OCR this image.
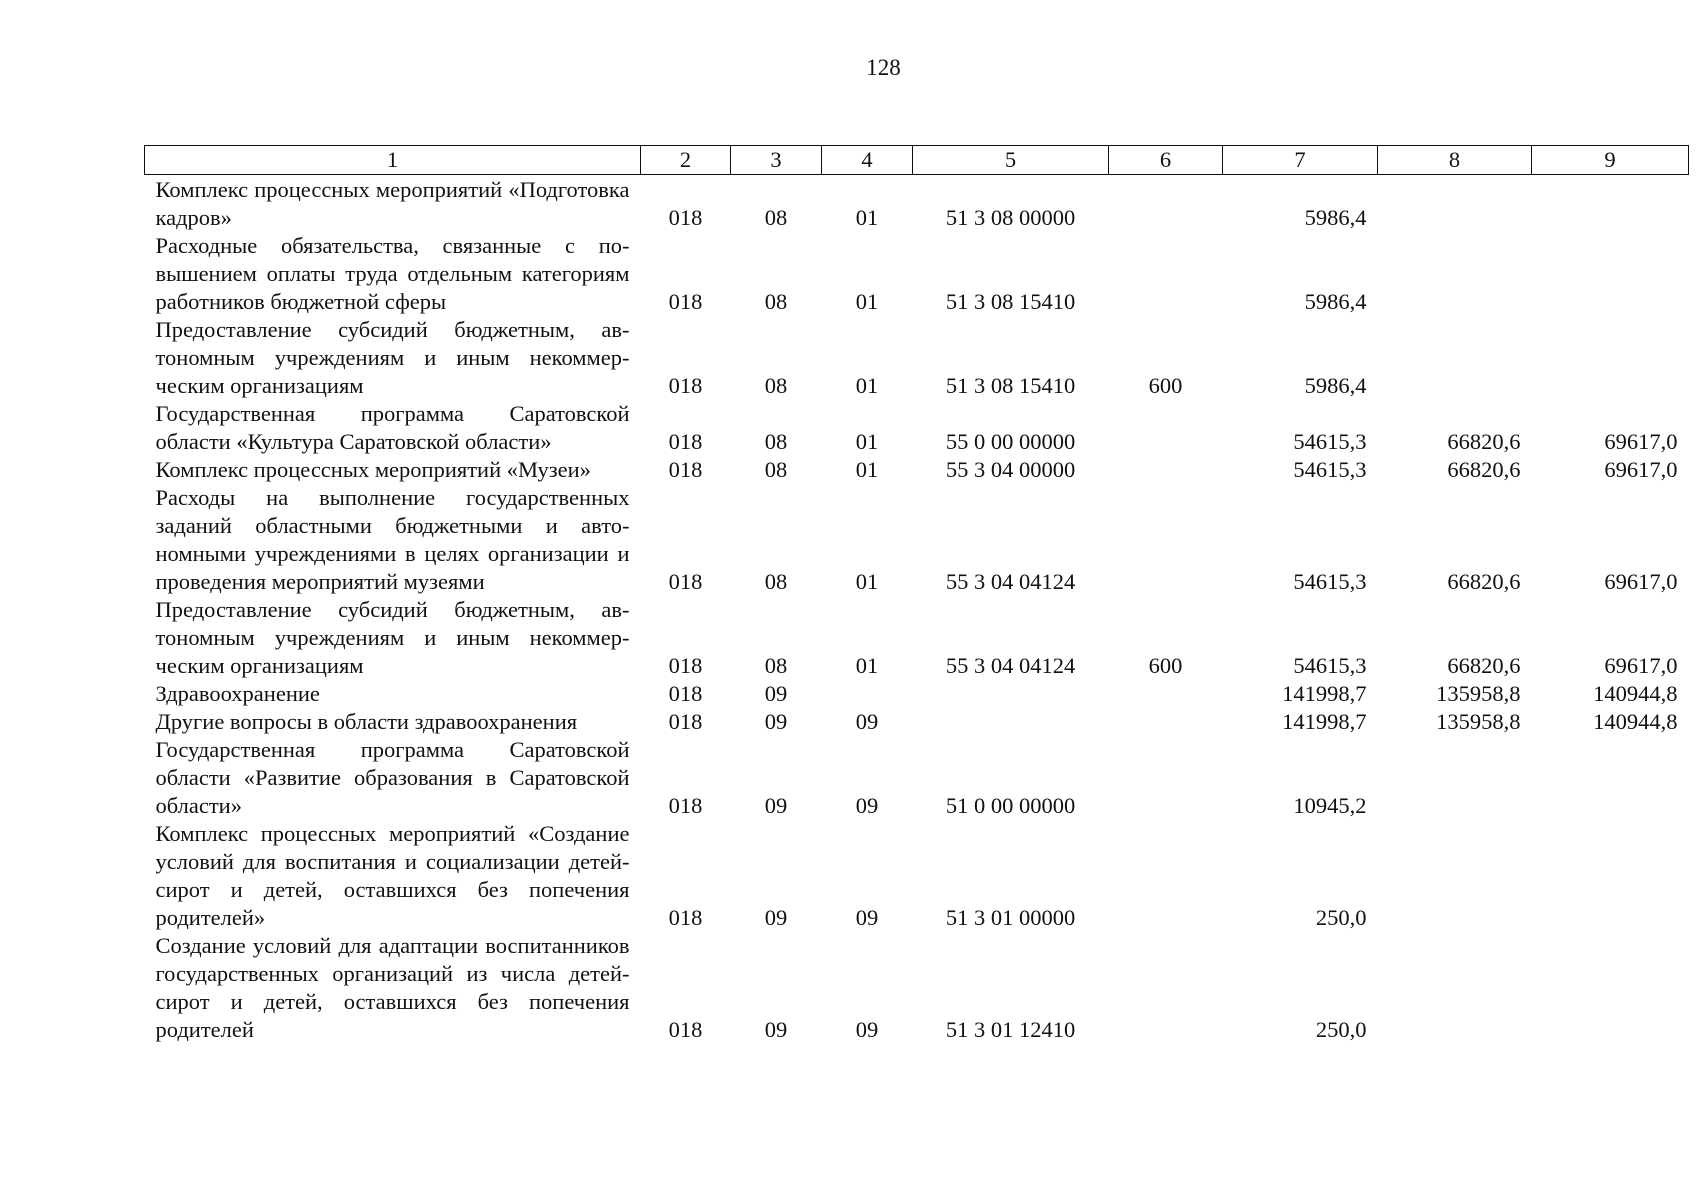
128
1	2	3	4	5	6	7	8	9
Комплекс процессных мероприятий «Подготовка кадров»	018	08	01	51 3 08 00000		5986,4		
Расходные обязательства, связанные с повышением оплаты труда отдельным категориям работников бюджетной сферы	018	08	01	51 3 08 15410		5986,4		
Предоставление субсидий бюджетным, автономным учреждениям и иным некоммерческим организациям	018	08	01	51 3 08 15410	600	5986,4		
Государственная программа Саратовской области «Культура Саратовской области»	018	08	01	55 0 00 00000		54615,3	66820,6	69617,0
Комплекс процессных мероприятий «Музеи»	018	08	01	55 3 04 00000		54615,3	66820,6	69617,0
Расходы на выполнение государственных заданий областными бюджетными и автономными учреждениями в целях организации и проведения мероприятий музеями	018	08	01	55 3 04 04124		54615,3	66820,6	69617,0
Предоставление субсидий бюджетным, автономным учреждениям и иным некоммерческим организациям	018	08	01	55 3 04 04124	600	54615,3	66820,6	69617,0
Здравоохранение	018	09				141998,7	135958,8	140944,8
Другие вопросы в области здравоохранения	018	09	09			141998,7	135958,8	140944,8
Государственная программа Саратовской области «Развитие образования в Саратовской области»	018	09	09	51 0 00 00000		10945,2		
Комплекс процессных мероприятий «Создание условий для воспитания и социализации детей-сирот и детей, оставшихся без попечения родителей»	018	09	09	51 3 01 00000		250,0		
Создание условий для адаптации воспитанников государственных организаций из числа детей-сирот и детей, оставшихся без попечения родителей	018	09	09	51 3 01 12410		250,0		
